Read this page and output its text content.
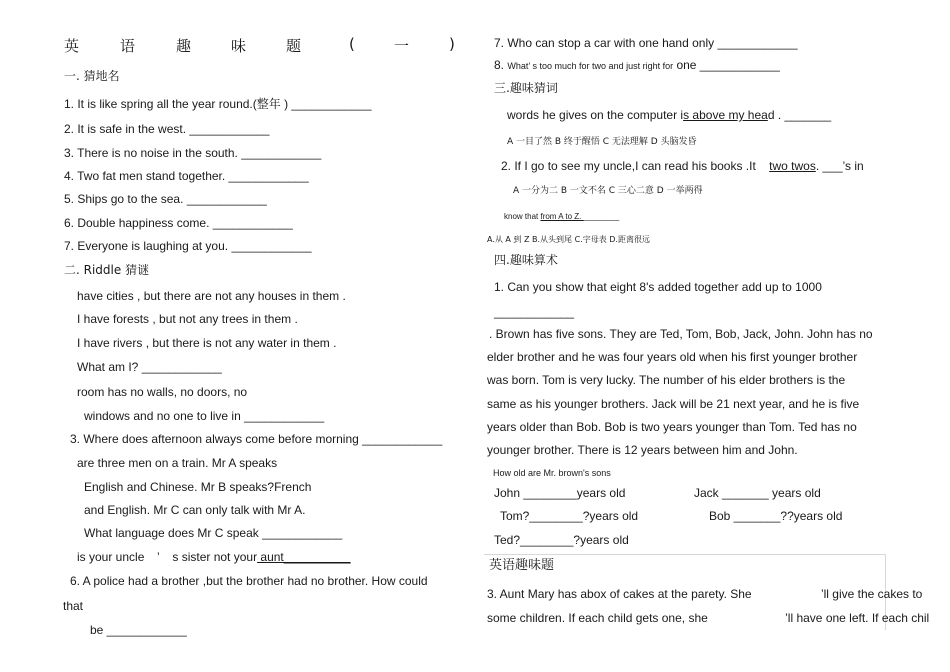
英	语	趣	味	题	(	一	)
一. 猜地名
1. It is like spring all the year round.(整年 ) ____________
2. It is safe in the west. ____________
3. There is no noise in the south. ____________
4. Two fat men stand together. ____________
5. Ships go to the sea. ____________
6. Double happiness come. ____________
7. Everyone is laughing at you. ____________
二. Riddle 猜谜
have cities , but there are not any houses in them .
I have forests , but not any trees in them .
I have rivers , but there is not any water in them .
What am I? ____________
room has no walls, no doors, no
windows and no one to live in ____________
3. Where does afternoon always come before morning ____________
are three men on a train. Mr A speaks
English and Chinese. Mr B speaks?French
and English. Mr C can only talk with Mr A.
What language does Mr C speak ____________
is your uncle ’ s sister not your aunt__________
6. A police had a brother ,but the brother had no brother. How could
that
be ____________
7. Who can stop a car with one hand only ____________
8. What’ s too much for two and just right for one ____________
三.趣味猜词
words he gives on the computer is above my head . _______
A 一目了然 B 终于醒悟 C 无法理解 D 头脑发昏
2. If I go to see my uncle,I can read his books .It two twos. ___’s in
A 一分为二 B 一文不名 C 三心二意 D 一举两得
know that from A to Z. ________
A.从 A 到 Z B.从头到尾 C.字母表 D.距离很远
四.趣味算术
1. Can you show that eight 8's added together add up to 1000
____________
. Brown has five sons. They are Ted, Tom, Bob, Jack, John. John has no
elder brother and he was four years old when his first younger brother
was born. Tom is very lucky. The number of his elder brothers is the
same as his younger brothers. Jack will be 21 next year, and he is five
years older than Bob. Bob is two years younger than Tom. Ted has no
younger brother. There is 12 years between him and John.
How old are Mr. brown's sons
John ________years old	Jack _______ years old
Tom?________?years old	Bob _______??years old
Ted?________?years old
英语趣味题
3. Aunt Mary has abox of cakes at the parety. She	’ll give the cakes to
some children. If each child gets one, she	’ll have one left. If each chil
